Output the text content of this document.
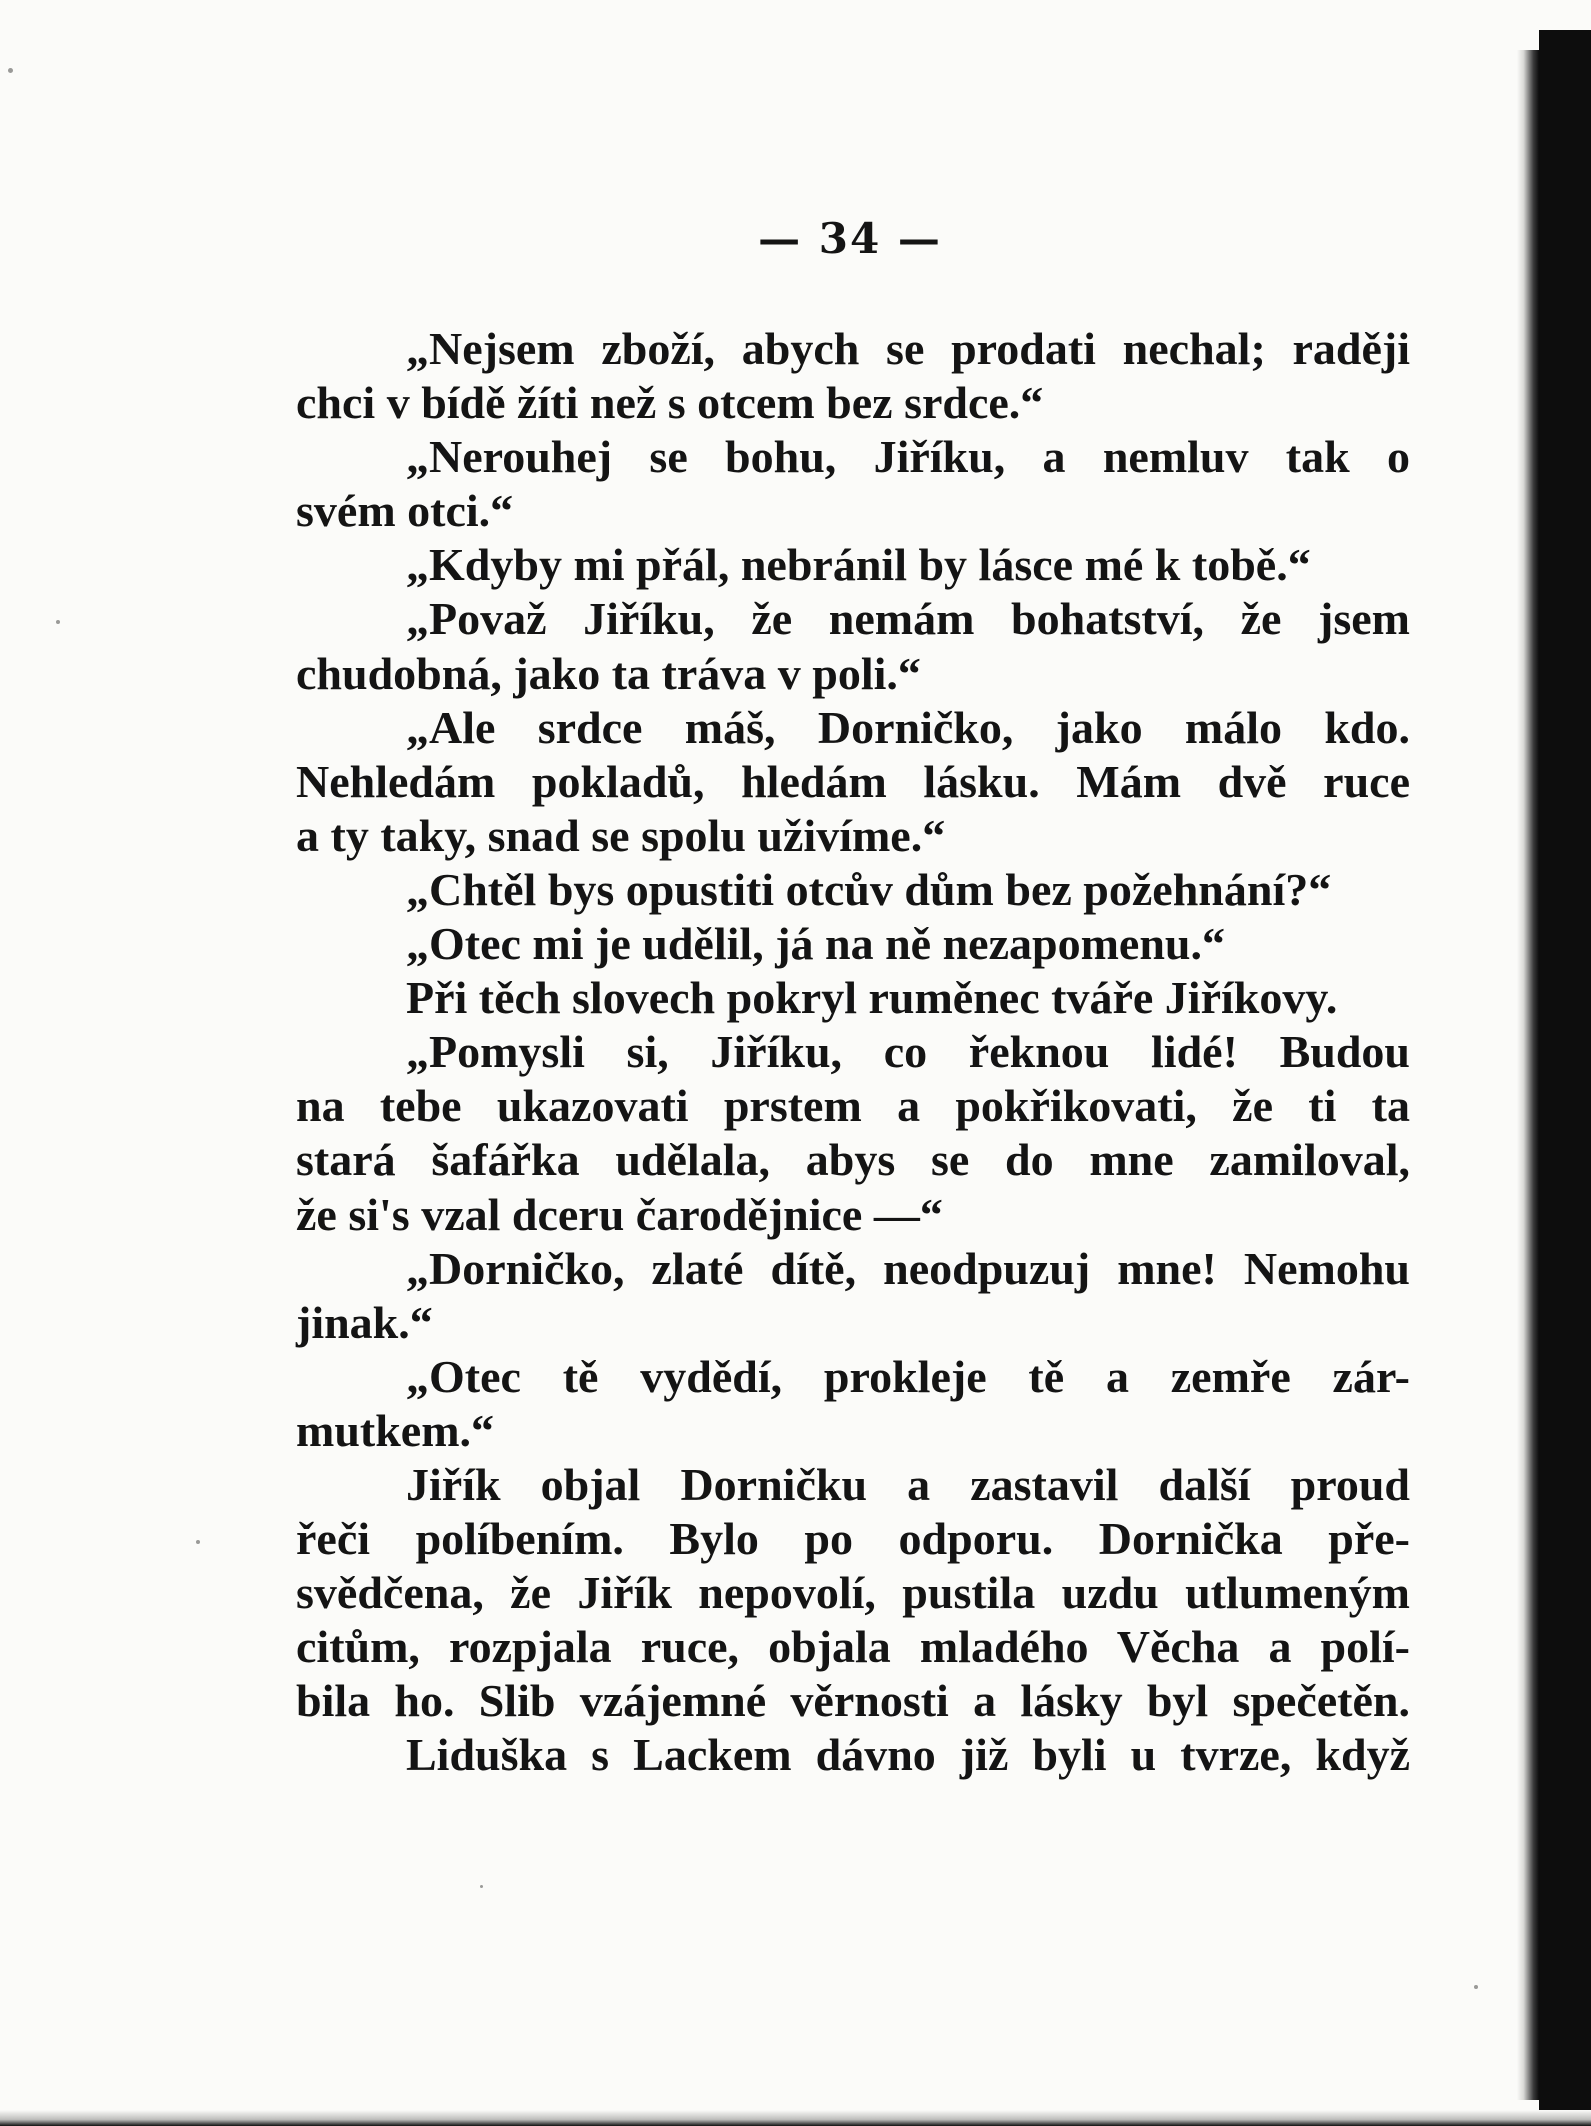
— 34 —
„Nejsem zboží, abych se prodati nechal; raději
chci v bídě žíti než s otcem bez srdce.“
„Nerouhej se bohu, Jiříku, a nemluv tak o
svém otci.“
„Kdyby mi přál, nebránil by lásce mé k tobě.“
„Považ Jiříku, že nemám bohatství, že jsem
chudobná, jako ta tráva v poli.“
„Ale srdce máš, Dorničko, jako málo kdo.
Nehledám pokladů, hledám lásku. Mám dvě ruce
a ty taky, snad se spolu uživíme.“
„Chtěl bys opustiti otcův dům bez požehnání?“
„Otec mi je udělil, já na ně nezapomenu.“
Při těch slovech pokryl ruměnec tváře Jiříkovy.
„Pomysli si, Jiříku, co řeknou lidé! Budou
na tebe ukazovati prstem a pokřikovati, že ti ta
stará šafářka udělala, abys se do mne zamiloval,
že si's vzal dceru čarodějnice —“
„Dorničko, zlaté dítě, neodpuzuj mne! Nemohu
jinak.“
„Otec tě vydědí, prokleje tě a zemře zár-
mutkem.“
Jiřík objal Dorničku a zastavil další proud
řeči políbením. Bylo po odporu. Dornička pře-
svědčena, že Jiřík nepovolí, pustila uzdu utlumeným
citům, rozpjala ruce, objala mladého Věcha a polí-
bila ho. Slib vzájemné věrnosti a lásky byl spečetěn.
Liduška s Lackem dávno již byli u tvrze, když
